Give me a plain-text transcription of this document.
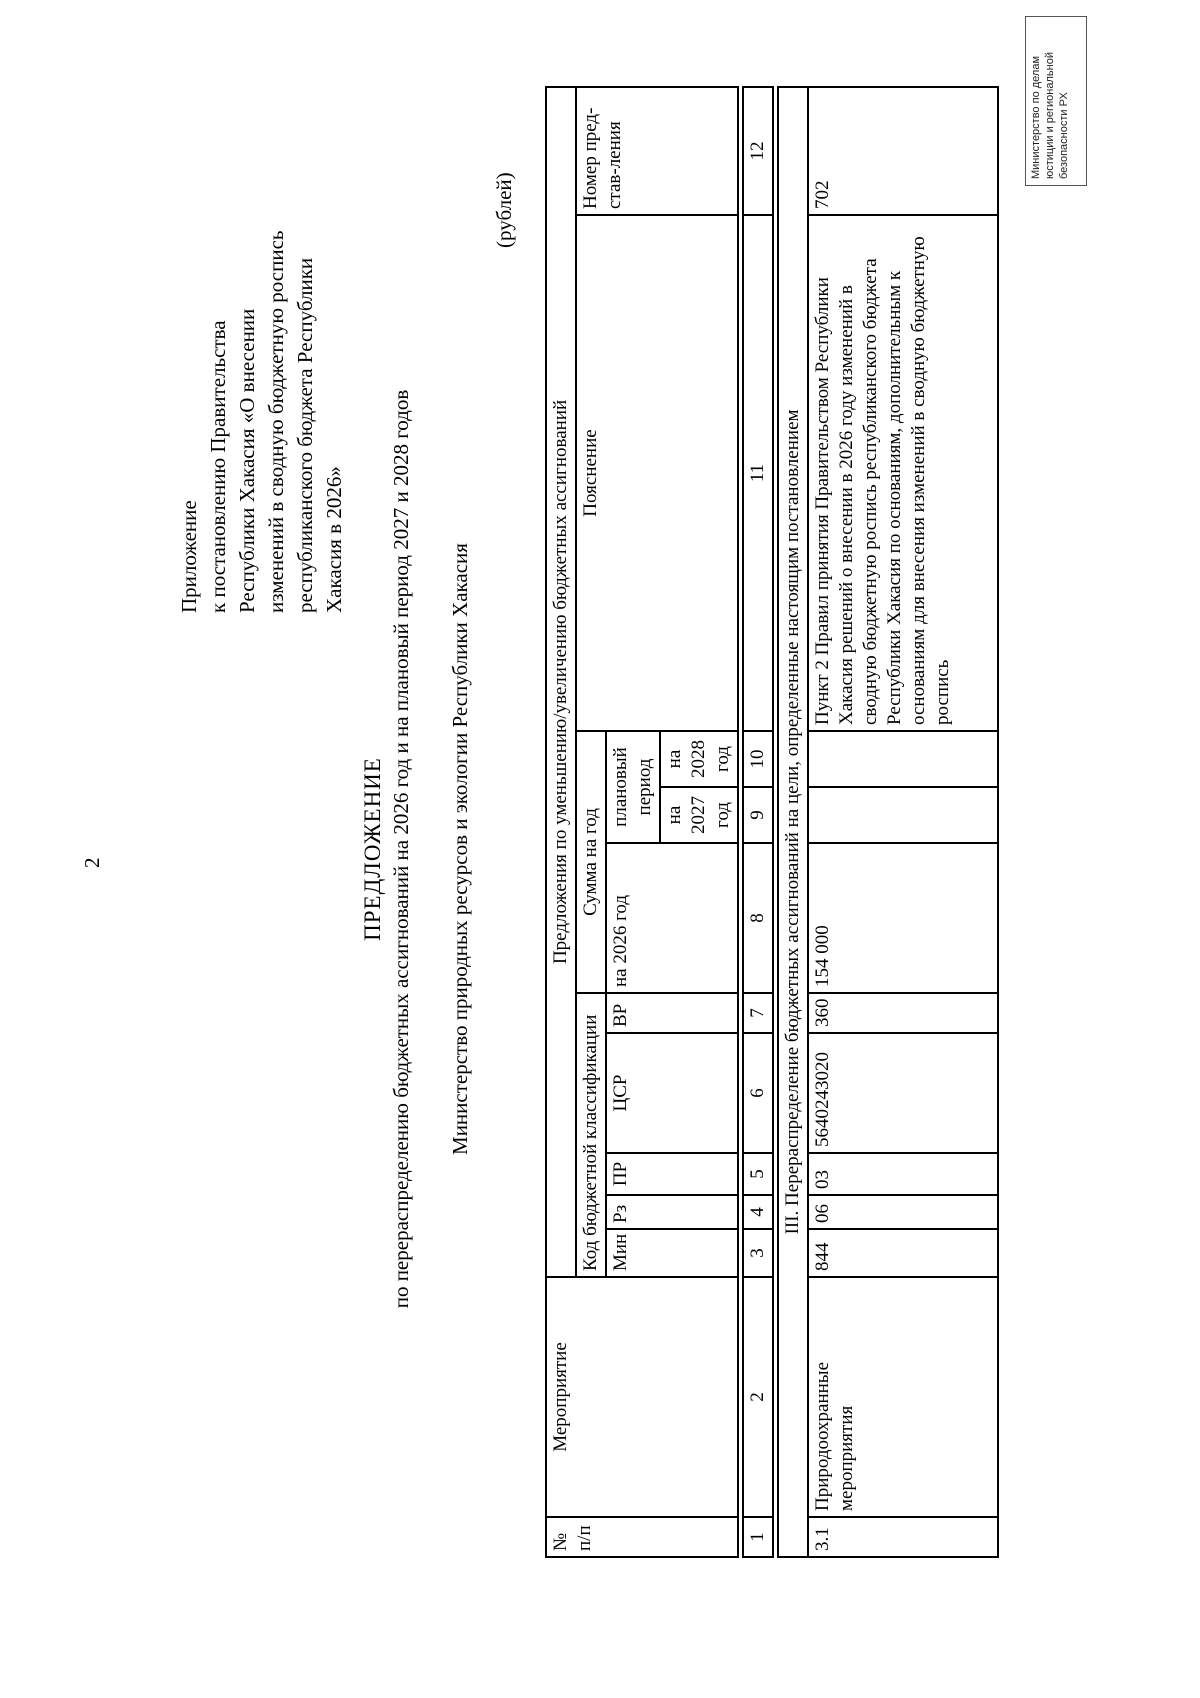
2
Приложение к постановлению Правительства Республики Хакасия «О внесении изменений в сводную бюджетную роспись республиканского бюджета Республики Хакасия в 2026»
ПРЕДЛОЖЕНИЕ по перераспределению бюджетных ассигнований на 2026 год и на плановый период 2027 и 2028 годов Министерство природных ресурсов и экологии Республики Хакасия
(рублей)
№ п/п	Мероприятие	Предложения по уменьшению/увеличению бюджетных ассигнований									
		Код бюджетной классификации					Сумма на год			Пояснение	Номер пред-став-ления
		Мин	Рз	ПР	ЦСР	ВР	на 2026 год	плановый период			
								на 2027 год	на 2028 год		

1	2	3	4	5	6	7	8	9	10	11	12

III. Перераспределение бюджетных ассигнований на цели, определенные настоящим постановлением											
3.1	Природоохранные мероприятия	844	06	03	5640243020	360	154 000			Пункт 2 Правил принятия Правительством Республики Хакасия решений о внесении в 2026 году изменений в сводную бюджетную роспись республиканского бюджета Республики Хакасия по основаниям, дополнительным к основаниям для внесения изменений в сводную бюджетную роспись	702
Министерство по делам юстиции и региональной безопасности РХ
